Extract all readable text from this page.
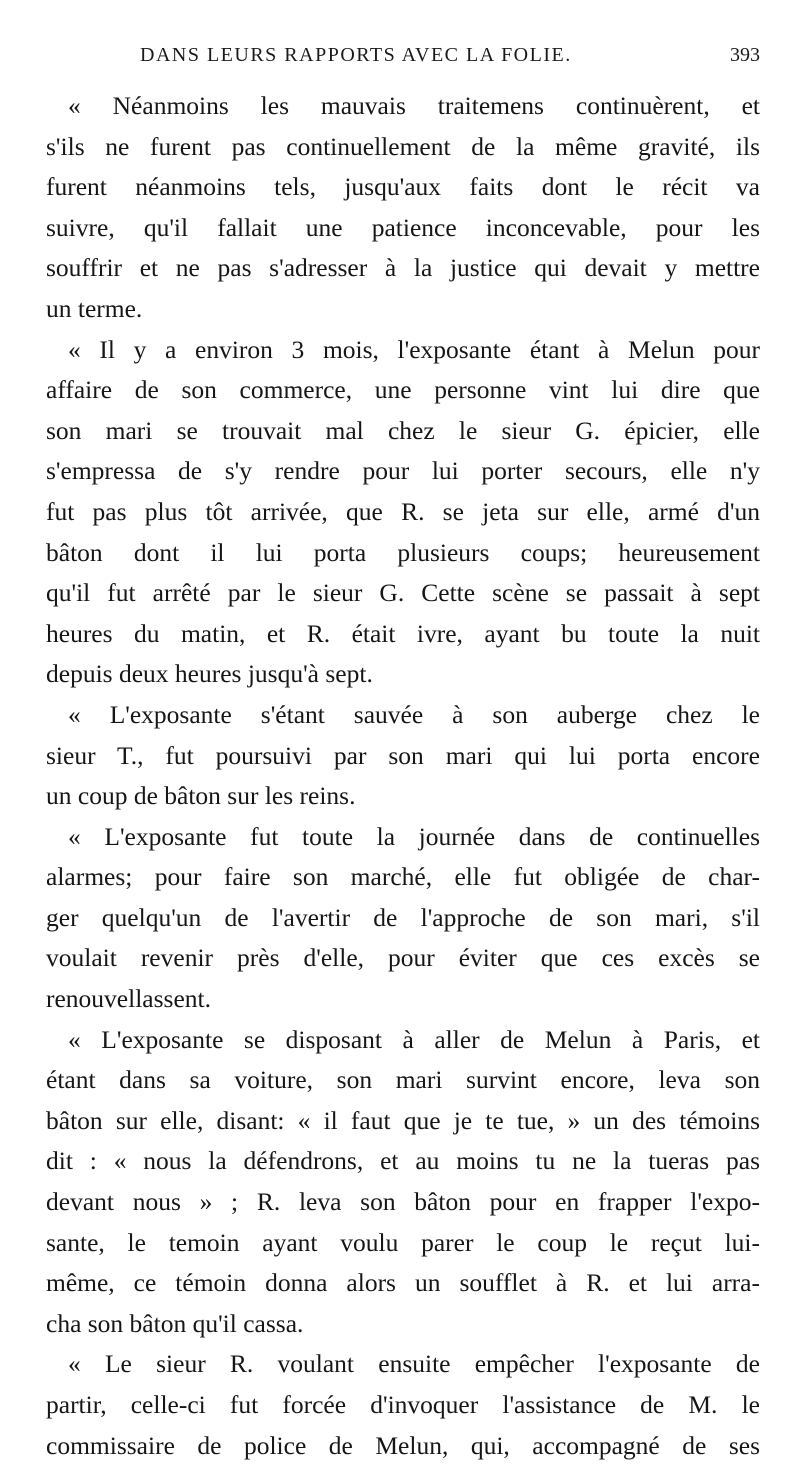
DANS LEURS RAPPORTS AVEC LA FOLIE.	393
« Néanmoins les mauvais traitemens continuèrent, et
s'ils ne furent pas continuellement de la même gravité, ils
furent néanmoins tels, jusqu'aux faits dont le récit va
suivre, qu'il fallait une patience inconcevable, pour les
souffrir et ne pas s'adresser à la justice qui devait y mettre
un terme.
« Il y a environ 3 mois, l'exposante étant à Melun pour
affaire de son commerce, une personne vint lui dire que
son mari se trouvait mal chez le sieur G. épicier, elle
s'empressa de s'y rendre pour lui porter secours, elle n'y
fut pas plus tôt arrivée, que R. se jeta sur elle, armé d'un
bâton dont il lui porta plusieurs coups; heureusement
qu'il fut arrêté par le sieur G. Cette scène se passait à sept
heures du matin, et R. était ivre, ayant bu toute la nuit
depuis deux heures jusqu'à sept.
« L'exposante s'étant sauvée à son auberge chez le
sieur T., fut poursuivi par son mari qui lui porta encore
un coup de bâton sur les reins.
« L'exposante fut toute la journée dans de continuelles
alarmes; pour faire son marché, elle fut obligée de char-
ger quelqu'un de l'avertir de l'approche de son mari, s'il
voulait revenir près d'elle, pour éviter que ces excès se
renouvellassent.
« L'exposante se disposant à aller de Melun à Paris, et
étant dans sa voiture, son mari survint encore, leva son
bâton sur elle, disant: « il faut que je te tue, » un des témoins
dit : « nous la défendrons, et au moins tu ne la tueras pas
devant nous » ; R. leva son bâton pour en frapper l'expo-
sante, le temoin ayant voulu parer le coup le reçut lui-
même, ce témoin donna alors un soufflet à R. et lui arra-
cha son bâton qu'il cassa.
« Le sieur R. voulant ensuite empêcher l'exposante de
partir, celle-ci fut forcée d'invoquer l'assistance de M. le
commissaire de police de Melun, qui, accompagné de ses
